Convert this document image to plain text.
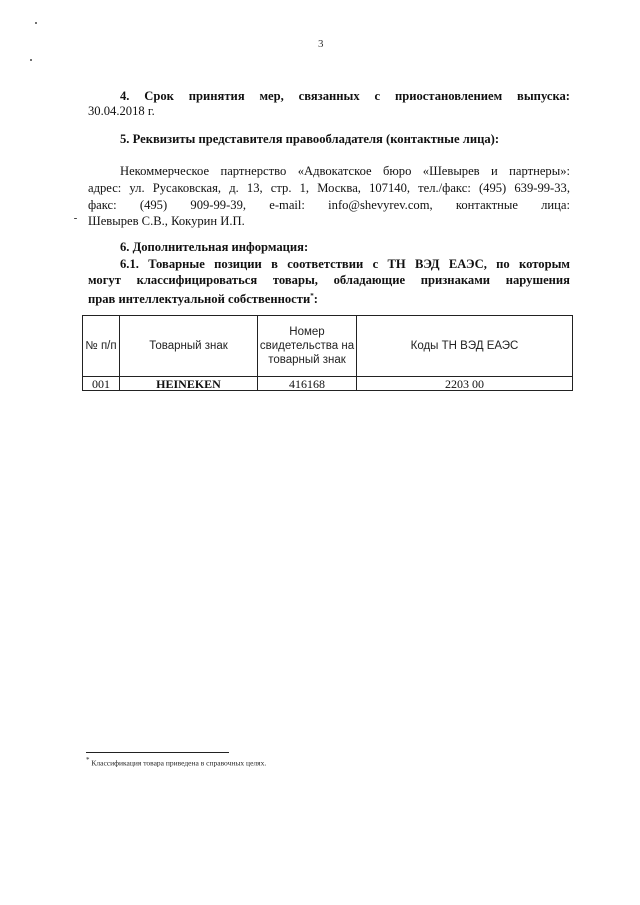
3
4. Срок принятия мер, связанных с приостановлением выпуска:
30.04.2018 г.
5. Реквизиты представителя правообладателя (контактные лица):
Некоммерческое партнерство «Адвокатское бюро «Шевырев и партнеры»:
адрес: ул. Русаковская, д. 13, стр. 1, Москва, 107140, тел./факс: (495) 639-99-33,
факс: (495) 909-99-39, e-mail: info@shevyrev.com, контактные лица:
Шевырев С.В., Кокурин И.П.
6. Дополнительная информация:
6.1. Товарные позиции в соответствии с ТН ВЭД ЕАЭС, по которым
могут классифицироваться товары, обладающие признаками нарушения
прав интеллектуальной собственности*:
№ п/п	Товарный знак	Номер свидетельства на товарный знак	Коды ТН ВЭД ЕАЭС
001	HEINEKEN	416168	2203 00
* Классификация товара приведена в справочных целях.
